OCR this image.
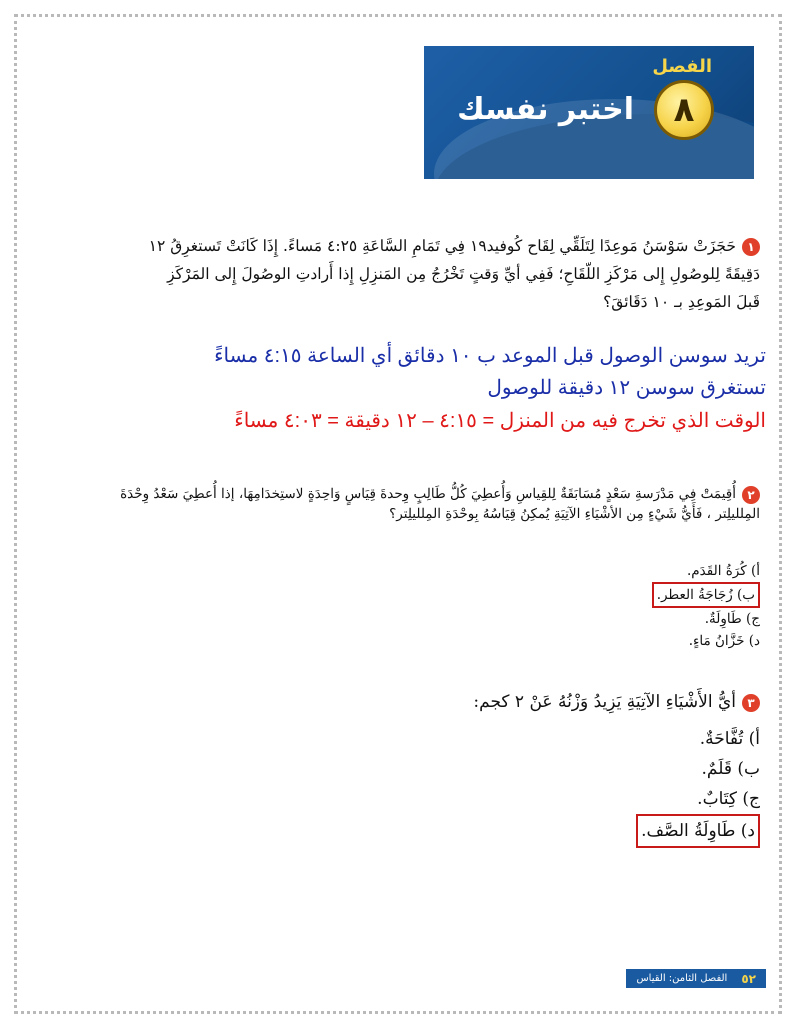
الفصل
٨
اختبر نفسك
١حَجَزَتْ سَوْسَنُ مَوعِدًا لِتَلَقِّي لِقَاح كُوفيد١٩ فِي تَمَامِ السَّاعَةِ ٤:٢٥ مَساءً. إِذَا كَانَتْ تَستغرِقُ ١٢ دَقِيقَةً لِلوصُولِ إِلى مَرْكَزِ اللّقَاحِ؛ فَفِي أيِّ وَقتٍ تَخْرُجُ مِن المَنزِلِ إِذا أَرادتِ الوصُولَ إِلى المَرْكَزِ قَبلَ المَوعِدِ بـ ١٠ دَقَائقَ؟
تريد سوسن الوصول قبل الموعد ب ١٠ دقائق أي الساعة ٤:١٥ مساءً
تستغرق سوسن ١٢ دقيقة للوصول
الوقت الذي تخرج فيه من المنزل = ٤:١٥ – ١٢ دقيقة = ٤:٠٣ مساءً
٢أُقِيمَتْ فِي مَدْرَسةِ سَعْدٍ مُسَابَقَةٌ لِلقِياسِ وَأُعطِيَ كُلُّ طَالِبٍ وِحدةَ قِيَاسٍ وَاحِدَةٍ لاستِخدَامِهَا، إذا أُعطِيَ سَعْدُ وِحْدَةَ المِلليلِتر ، فَأَيُّ شَيْءٍ مِن الأشْيَاءِ الآتِيَةِ يُمكِنُ قِيَاسُهُ بِوحْدَةِ المِلليلِتر؟
أ) كُرَةُ القَدَم.
ب) زُجَاجَةُ العطر.
ج) طَاوِلَةٌ.
د) خَزَّانُ مَاءٍ.
٣أيُّ الأَشْيَاءِ الآتِيَةِ يَزِيدُ وَزْنُهُ عَنْ ٢ كجم:
أ) تُفَّاحَةٌ.
ب) قَلَمٌ.
ج) كِتَابٌ.
د) طَاوِلَةُ الصَّف.
٥٢
الفصل الثامن: القياس
